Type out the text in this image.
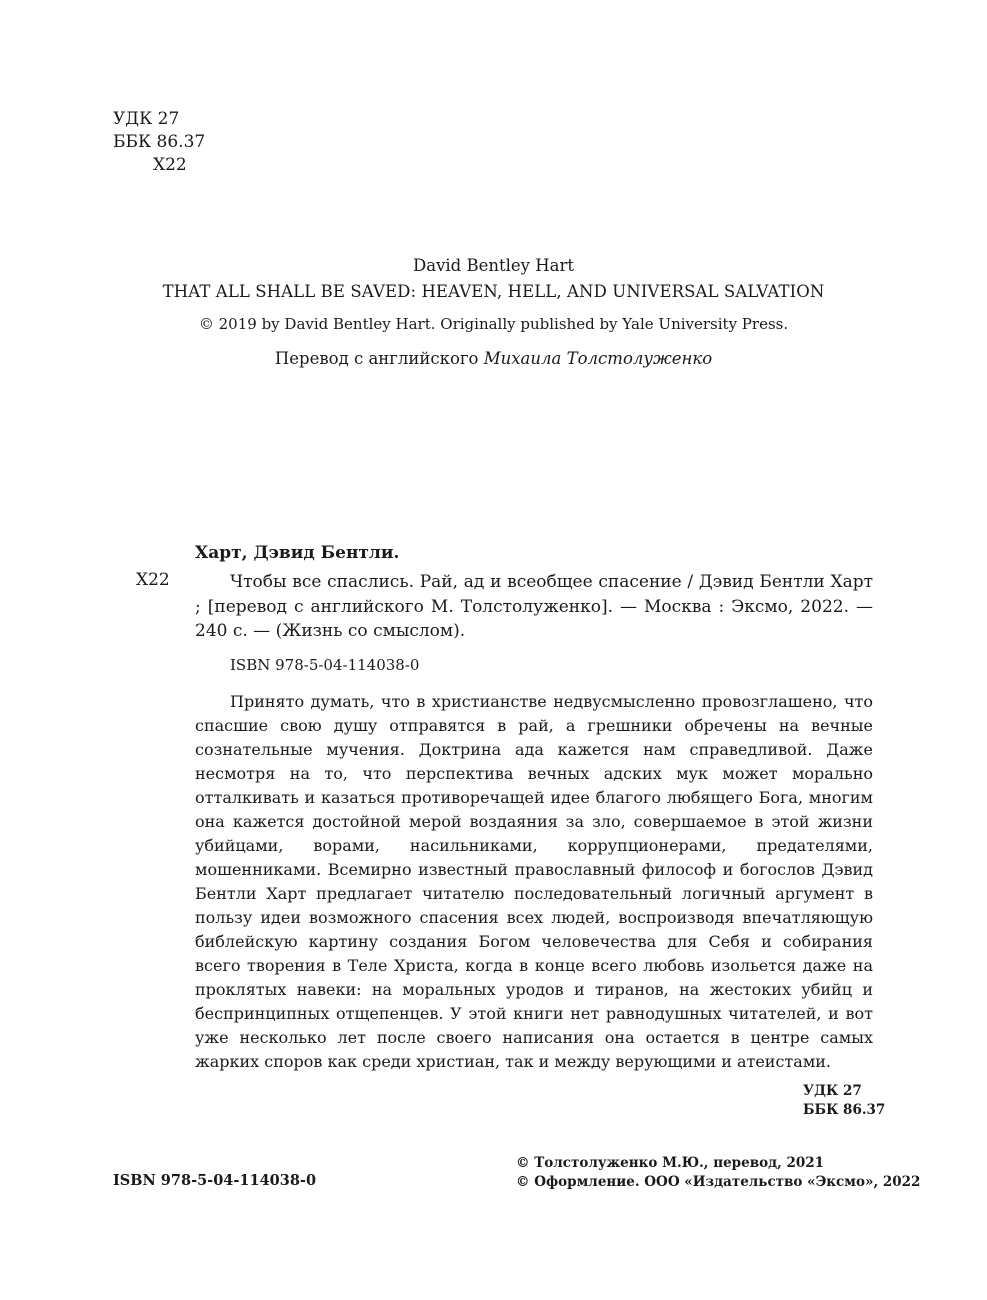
УДК 27
ББК 86.37
Х22
David Bentley Hart
THAT ALL SHALL BE SAVED: HEAVEN, HELL, AND UNIVERSAL SALVATION
© 2019 by David Bentley Hart. Originally published by Yale University Press.
Перевод с английского Михаила Толстолуженко
Харт, Дэвид Бентли.
Х22	Чтобы все спаслись. Рай, ад и всеобщее спасение / Дэвид Бентли Харт ; [перевод с английского М. Толстолуженко]. — Москва : Эксмо, 2022. — 240 с. — (Жизнь со смыслом).
ISBN 978-5-04-114038-0
Принято думать, что в христианстве недвусмысленно провозглашено, что спасшие свою душу отправятся в рай, а грешники обречены на вечные сознательные мучения. Доктрина ада кажется нам справедливой. Даже несмотря на то, что перспектива вечных адских мук может морально отталкивать и казаться противоречащей идее благого любящего Бога, многим она кажется достойной мерой воздаяния за зло, совершаемое в этой жизни убийцами, ворами, насильниками, коррупционерами, предателями, мошенниками. Всемирно известный православный философ и богослов Дэвид Бентли Харт предлагает читателю последовательный логичный аргумент в пользу идеи возможного спасения всех людей, воспроизводя впечатляющую библейскую картину создания Богом человечества для Себя и собирания всего творения в Теле Христа, когда в конце всего любовь изольется даже на проклятых навеки: на моральных уродов и тиранов, на жестоких убийц и беспринципных отщепенцев. У этой книги нет равнодушных читателей, и вот уже несколько лет после своего написания она остается в центре самых жарких споров как среди христиан, так и между верующими и атеистами.
УДК 27
ББК 86.37
ISBN 978-5-04-114038-0
© Толстолуженко М.Ю., перевод, 2021
© Оформление. ООО «Издательство «Эксмо», 2022
